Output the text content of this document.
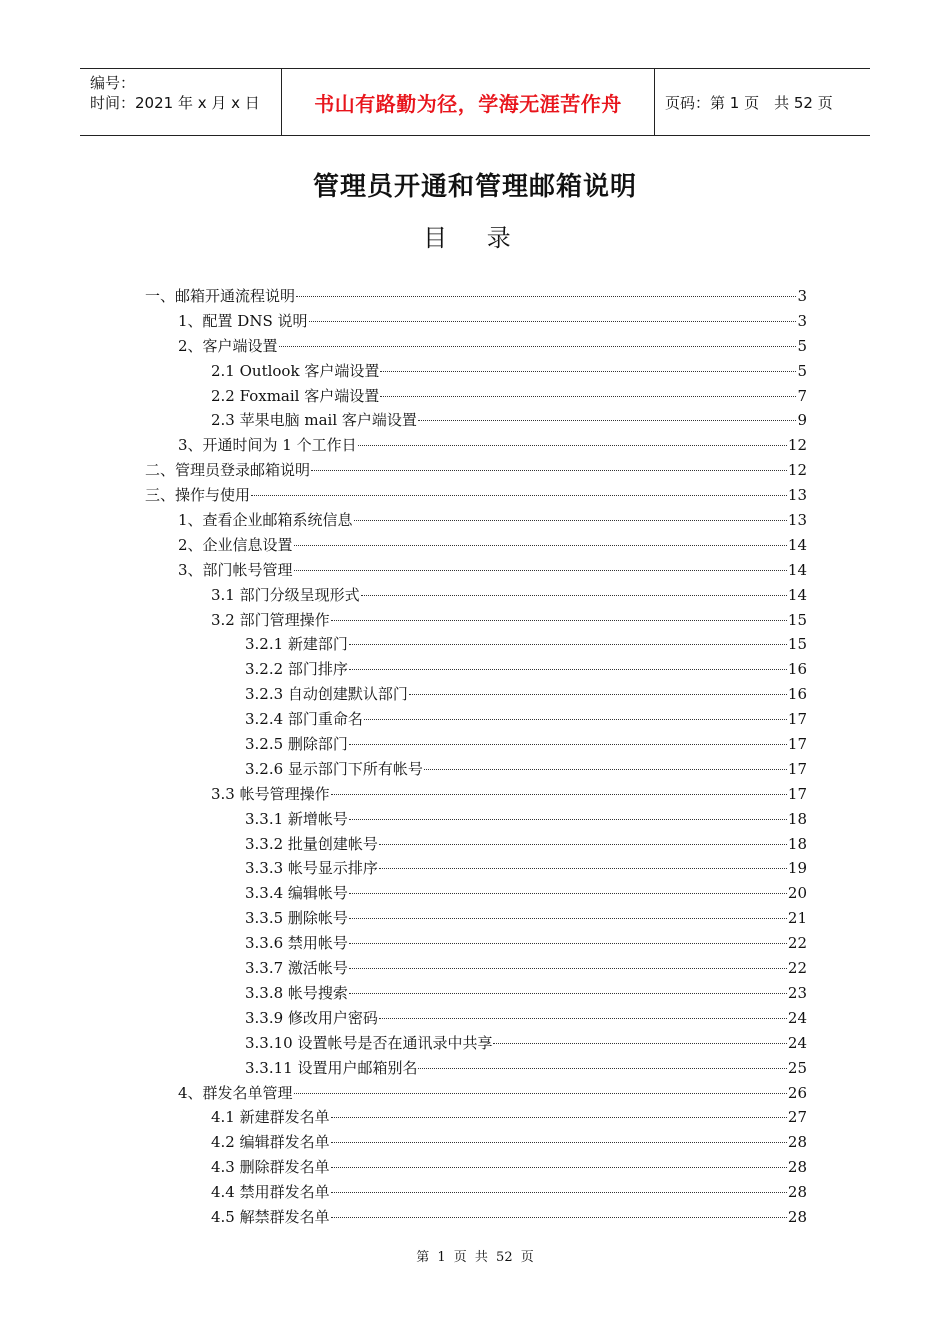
编号：
时间：2021 年 x 月 x 日	书山有路勤为径，学海无涯苦作舟	页码：第 1 页　共 52 页
管理员开通和管理邮箱说明
目 录
一、邮箱开通流程说明	3
1、配置 DNS 说明	3
2、客户端设置	5
2.1 Outlook 客户端设置	5
2.2 Foxmail 客户端设置	7
2.3 苹果电脑 mail 客户端设置	9
3、开通时间为 1 个工作日	12
二、管理员登录邮箱说明	12
三、操作与使用	13
1、查看企业邮箱系统信息	13
2、企业信息设置	14
3、部门帐号管理	14
3.1 部门分级呈现形式	14
3.2 部门管理操作	15
3.2.1 新建部门	15
3.2.2 部门排序	16
3.2.3 自动创建默认部门	16
3.2.4 部门重命名	17
3.2.5 删除部门	17
3.2.6 显示部门下所有帐号	17
3.3 帐号管理操作	17
3.3.1 新增帐号	18
3.3.2 批量创建帐号	18
3.3.3 帐号显示排序	19
3.3.4 编辑帐号	20
3.3.5 删除帐号	21
3.3.6 禁用帐号	22
3.3.7 激活帐号	22
3.3.8 帐号搜索	23
3.3.9 修改用户密码	24
3.3.10 设置帐号是否在通讯录中共享	24
3.3.11 设置用户邮箱别名	25
4、群发名单管理	26
4.1 新建群发名单	27
4.2 编辑群发名单	28
4.3 删除群发名单	28
4.4 禁用群发名单	28
4.5 解禁群发名单	28
第 1 页 共 52 页
